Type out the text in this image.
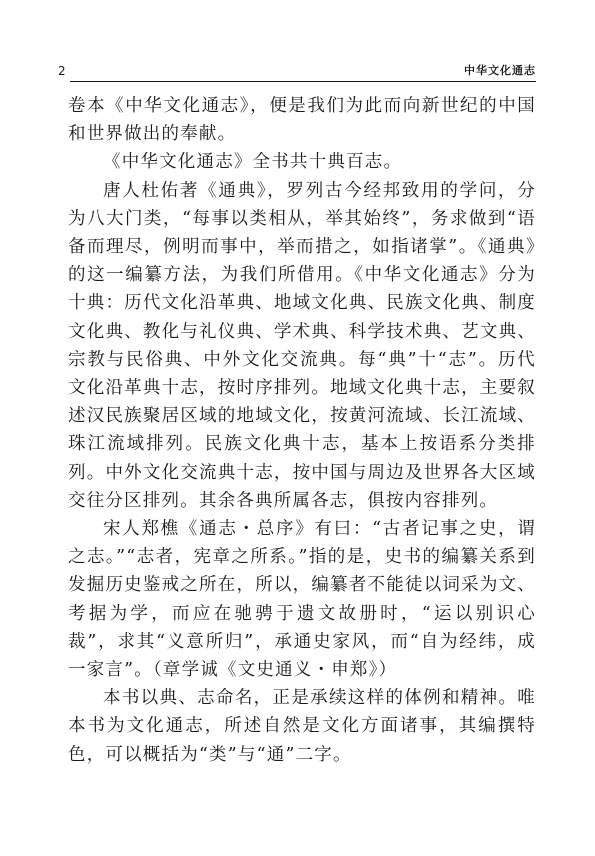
2	中华文化通志

卷本《中华文化通志》，便是我们为此而向新世纪的中国和世界做出的奉献。

《中华文化通志》全书共十典百志。

唐人杜佑著《通典》，罗列古今经邦致用的学问，分为八大门类，“每事以类相从，举其始终”，务求做到“语备而理尽，例明而事中，举而措之，如指诸掌”。《通典》的这一编纂方法，为我们所借用。《中华文化通志》分为十典：历代文化沿革典、地域文化典、民族文化典、制度文化典、教化与礼仪典、学术典、科学技术典、艺文典、宗教与民俗典、中外文化交流典。每“典”十“志”。历代文化沿革典十志，按时序排列。地域文化典十志，主要叙述汉民族聚居区域的地域文化，按黄河流域、长江流域、珠江流域排列。民族文化典十志，基本上按语系分类排列。中外文化交流典十志，按中国与周边及世界各大区域交往分区排列。其余各典所属各志，俱按内容排列。

宋人郑樵《通志・总序》有曰：“古者记事之史，谓之志。”“志者，宪章之所系。”指的是，史书的编纂关系到发掘历史鉴戒之所在，所以，编纂者不能徒以词采为文、考据为学，而应在驰骋于遗文故册时，“运以别识心裁”，求其“义意所归”，承通史家风，而“自为经纬，成一家言”。（章学诚《文史通义・申郑》）

本书以典、志命名，正是承续这样的体例和精神。唯本书为文化通志，所述自然是文化方面诸事，其编撰特色，可以概括为“类”与“通”二字。
